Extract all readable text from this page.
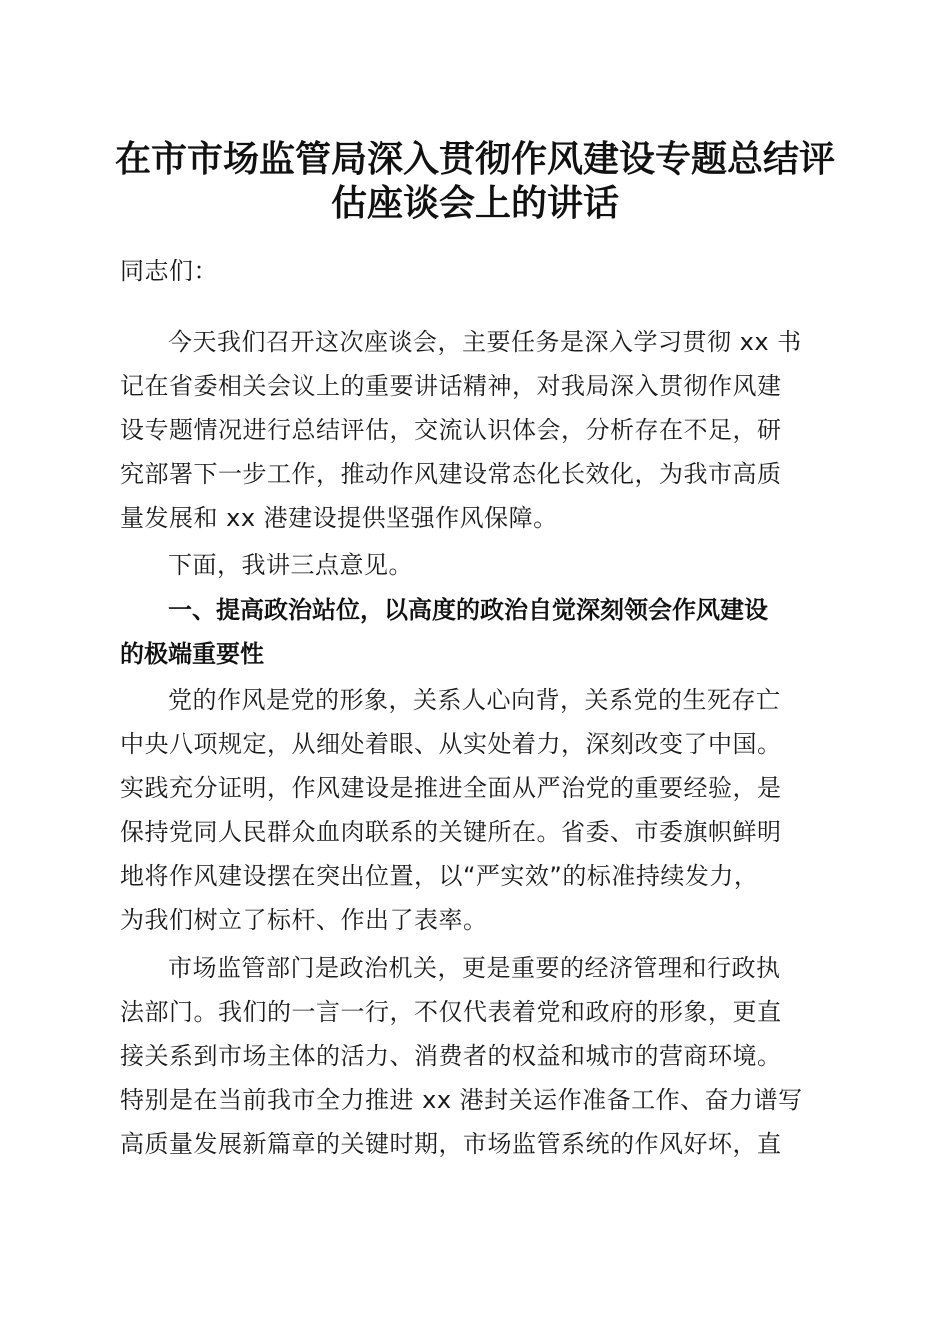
在市市场监管局深入贯彻作风建设专题总结评
估座谈会上的讲话
同志们：
今天我们召开这次座谈会，主要任务是深入学习贯彻 xx 书
记在省委相关会议上的重要讲话精神，对我局深入贯彻作风建
设专题情况进行总结评估，交流认识体会，分析存在不足，研
究部署下一步工作，推动作风建设常态化长效化，为我市高质
量发展和 xx 港建设提供坚强作风保障。
下面，我讲三点意见。
一、提高政治站位，以高度的政治自觉深刻领会作风建设
的极端重要性
党的作风是党的形象，关系人心向背，关系党的生死存亡
中央八项规定，从细处着眼、从实处着力，深刻改变了中国。
实践充分证明，作风建设是推进全面从严治党的重要经验，是
保持党同人民群众血肉联系的关键所在。省委、市委旗帜鲜明
地将作风建设摆在突出位置，以“严实效”的标准持续发力，
为我们树立了标杆、作出了表率。
市场监管部门是政治机关，更是重要的经济管理和行政执
法部门。我们的一言一行，不仅代表着党和政府的形象，更直
接关系到市场主体的活力、消费者的权益和城市的营商环境。
特别是在当前我市全力推进 xx 港封关运作准备工作、奋力谱写
高质量发展新篇章的关键时期，市场监管系统的作风好坏，直
